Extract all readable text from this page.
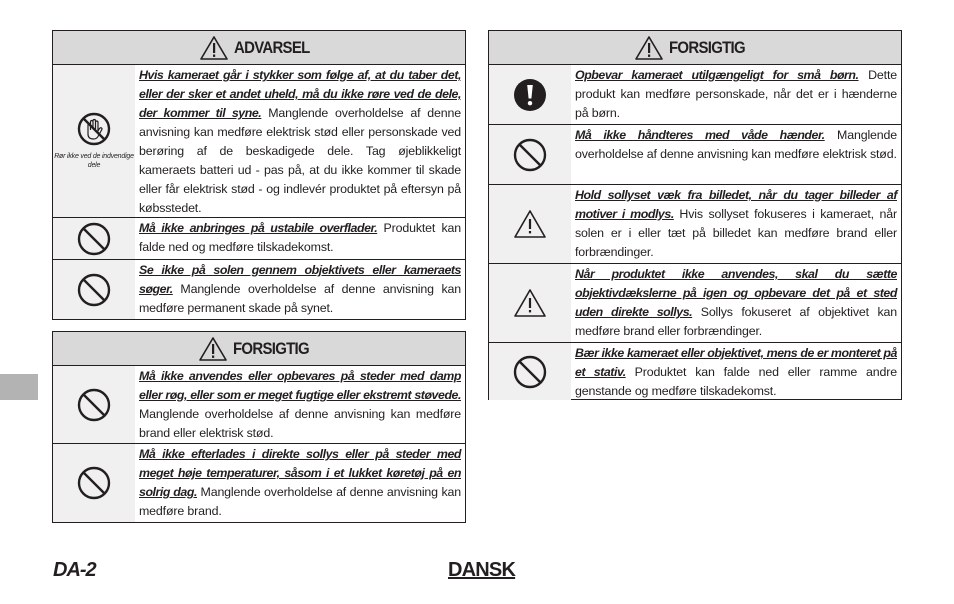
ADVARSEL
Rør ikke ved de indvendige dele
Hvis kameraet går i stykker som følge af, at du taber det, eller der sker et andet uheld, må du ikke røre ved de dele, der kommer til syne. Manglende overholdelse af denne anvisning kan medføre elektrisk stød eller personskade ved berøring af de beskadigede dele. Tag øjeblikkeligt kameraets batteri ud - pas på, at du ikke kommer til skade eller får elektrisk stød - og indlevér produktet på eftersyn på købsstedet.
Må ikke anbringes på ustabile overflader. Produktet kan falde ned og medføre tilskadekomst.
Se ikke på solen gennem objektivets eller kameraets søger. Manglende overholdelse af denne anvisning kan medføre permanent skade på synet.
FORSIGTIG
Må ikke anvendes eller opbevares på steder med damp eller røg, eller som er meget fugtige eller ekstremt støvede. Manglende overholdelse af denne anvisning kan medføre brand eller elektrisk stød.
Må ikke efterlades i direkte sollys eller på steder med meget høje temperaturer, såsom i et lukket køretøj på en solrig dag. Manglende overholdelse af denne anvisning kan medføre brand.
FORSIGTIG
Opbevar kameraet utilgængeligt for små børn. Dette produkt kan medføre personskade, når det er i hænderne på børn.
Må ikke håndteres med våde hænder. Manglende overholdelse af denne anvisning kan medføre elektrisk stød.
Hold sollyset væk fra billedet, når du tager billeder af motiver i modlys. Hvis sollyset fokuseres i kameraet, når solen er i eller tæt på billedet kan medføre brand eller forbrændinger.
Når produktet ikke anvendes, skal du sætte objektivdækslerne på igen og opbevare det på et sted uden direkte sollys. Sollys fokuseret af objektivet kan medføre brand eller forbrændinger.
Bær ikke kameraet eller objektivet, mens de er monteret på et stativ. Produktet kan falde ned eller ramme andre genstande og medføre tilskadekomst.
DA-2	DANSK
